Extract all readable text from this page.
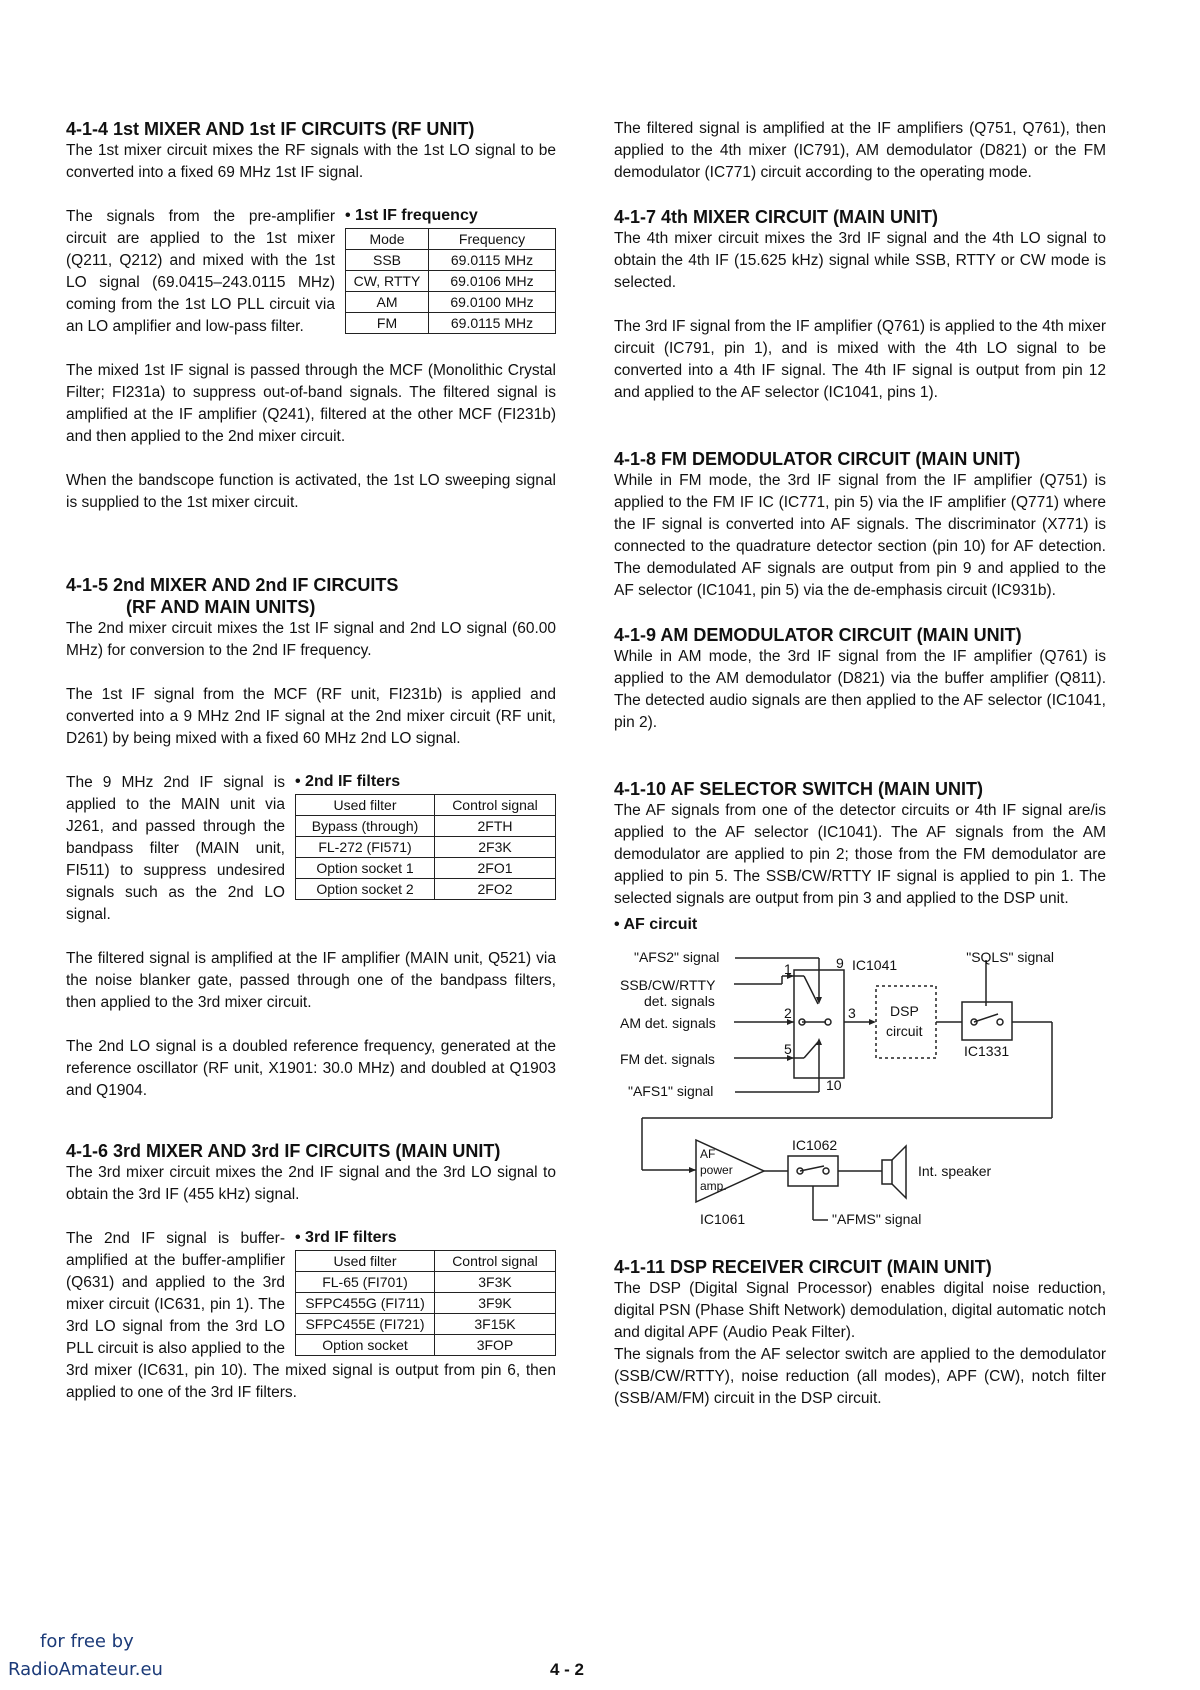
4-1-4 1st MIXER AND 1st IF CIRCUITS (RF UNIT)

The 1st mixer circuit mixes the RF signals with the 1st LO signal to be converted into a fixed 69 MHz 1st IF signal.

• 1st IF frequency
Mode	Frequency
SSB	69.0115 MHz
CW, RTTY	69.0106 MHz
AM	69.0100 MHz
FM	69.0115 MHz

The signals from the pre-amplifier circuit are applied to the 1st mixer (Q211, Q212) and mixed with the 1st LO signal (69.0415–243.0115 MHz) coming from the 1st LO PLL circuit via an LO amplifier and low-pass filter.

The mixed 1st IF signal is passed through the MCF (Monolithic Crystal Filter; FI231a) to suppress out-of-band signals. The filtered signal is amplified at the IF amplifier (Q241), filtered at the other MCF (FI231b) and then applied to the 2nd mixer circuit.

When the bandscope function is activated, the 1st LO sweeping signal is supplied to the 1st mixer circuit.

4-1-5 2nd MIXER AND 2nd IF CIRCUITS
(RF AND MAIN UNITS)

The 2nd mixer circuit mixes the 1st IF signal and 2nd LO signal (60.00 MHz) for conversion to the 2nd IF frequency.

The 1st IF signal from the MCF (RF unit, FI231b) is applied and converted into a 9 MHz 2nd IF signal at the 2nd mixer circuit (RF unit, D261) by being mixed with a fixed 60 MHz 2nd LO signal.

• 2nd IF filters
Used filter	Control signal
Bypass (through)	2FTH
FL-272 (FI571)	2F3K
Option socket 1	2FO1
Option socket 2	2FO2

The 9 MHz 2nd IF signal is applied to the MAIN unit via J261, and passed through the bandpass filter (MAIN unit, FI511) to suppress undesired signals such as the 2nd LO signal.

The filtered signal is amplified at the IF amplifier (MAIN unit, Q521) via the noise blanker gate, passed through one of the bandpass filters, then applied to the 3rd mixer circuit.

The 2nd LO signal is a doubled reference frequency, generated at the reference oscillator (RF unit, X1901: 30.0 MHz) and doubled at Q1903 and Q1904.

4-1-6 3rd MIXER AND 3rd IF CIRCUITS (MAIN UNIT)

The 3rd mixer circuit mixes the 2nd IF signal and the 3rd LO signal to obtain the 3rd IF (455 kHz) signal.

• 3rd IF filters
Used filter	Control signal
FL-65 (FI701)	3F3K
SFPC455G (FI711)	3F9K
SFPC455E (FI721)	3F15K
Option socket	3FOP

The 2nd IF signal is buffer-amplified at the buffer-amplifier (Q631) and applied to the 3rd mixer circuit (IC631, pin 1). The 3rd LO signal from the 3rd LO PLL circuit is also applied to the 3rd mixer (IC631, pin 10). The mixed signal is output from pin 6, then applied to one of the 3rd IF filters.

The filtered signal is amplified at the IF amplifiers (Q751, Q761), then applied to the 4th mixer (IC791), AM demodulator (D821) or the FM demodulator (IC771) circuit according to the operating mode.

4-1-7 4th MIXER CIRCUIT (MAIN UNIT)

The 4th mixer circuit mixes the 3rd IF signal and the 4th LO signal to obtain the 4th IF (15.625 kHz) signal while SSB, RTTY or CW mode is selected.

The 3rd IF signal from the IF amplifier (Q761) is applied to the 4th mixer circuit (IC791, pin 1), and is mixed with the 4th LO signal to be converted into a 4th IF signal. The 4th IF signal is output from pin 12 and applied to the AF selector (IC1041, pins 1).

4-1-8 FM DEMODULATOR CIRCUIT (MAIN UNIT)

While in FM mode, the 3rd IF signal from the IF amplifier (Q751) is applied to the FM IF IC (IC771, pin 5) via the IF amplifier (Q771) where the IF signal is converted into AF signals. The discriminator (X771) is connected to the quadrature detector section (pin 10) for AF detection. The demodulated AF signals are output from pin 9 and applied to the AF selector (IC1041, pin 5) via the de-emphasis circuit (IC931b).

4-1-9 AM DEMODULATOR CIRCUIT (MAIN UNIT)

While in AM mode, the 3rd IF signal from the IF amplifier (Q761) is applied to the AM demodulator (D821) via the buffer amplifier (Q811). The detected audio signals are then applied to the AF selector (IC1041, pin 2).

4-1-10 AF SELECTOR SWITCH (MAIN UNIT)

The AF signals from one of the detector circuits or 4th IF signal are/is applied to the AF selector (IC1041). The AF signals from the AM demodulator are applied to pin 2; those from the FM demodulator are applied to pin 5. The SSB/CW/RTTY IF signal is applied to pin 1. The selected signals are output from pin 3 and applied to the DSP unit.

• AF circuit
"AFS2" signal	"SQLS" signal
IC1041
SSB/CW/RTTY
det. signals
AM det. signals
FM det. signals
"AFS1" signal
9
1
2	3
5
10
DSP
circuit
IC1331
IC1062
AF
power
amp.
IC1061
Int. speaker
"AFMS" signal
4-1-11 DSP RECEIVER CIRCUIT (MAIN UNIT)

The DSP (Digital Signal Processor) enables digital noise reduction, digital PSN (Phase Shift Network) demodulation, digital automatic notch and digital APF (Audio Peak Filter).

The signals from the AF selector switch are applied to the demodulator (SSB/CW/RTTY), noise reduction (all modes), APF (CW), notch filter (SSB/AM/FM) circuit in the DSP circuit.

for free by
RadioAmateur.eu	4 - 2
